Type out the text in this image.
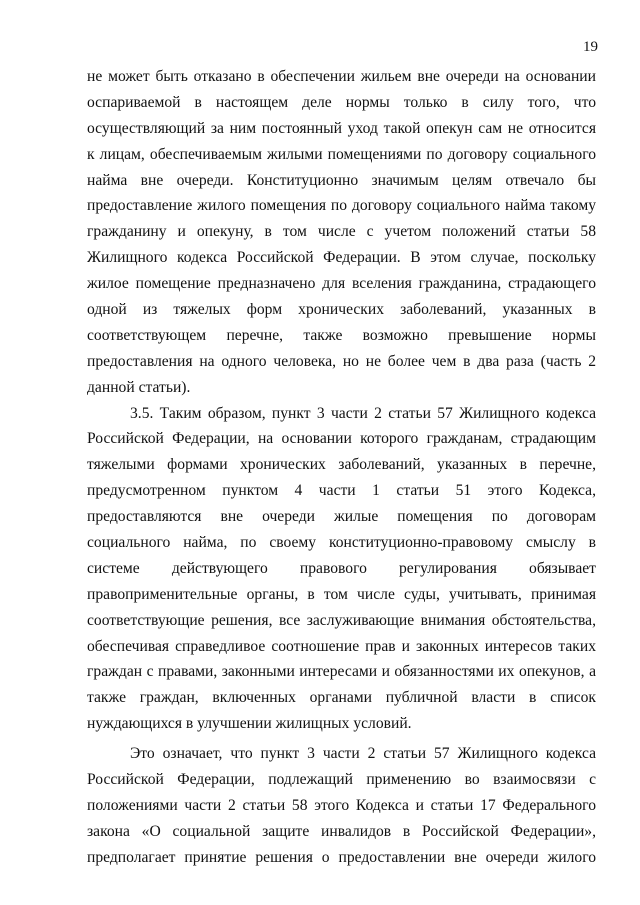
19
не может быть отказано в обеспечении жильем вне очереди на основании
оспариваемой в настоящем деле нормы только в силу того, что
осуществляющий за ним постоянный уход такой опекун сам не относится
к лицам, обеспечиваемым жилыми помещениями по договору социального
найма вне очереди. Конституционно значимым целям отвечало бы
предоставление жилого помещения по договору социального найма такому
гражданину и опекуну, в том числе с учетом положений статьи 58
Жилищного кодекса Российской Федерации. В этом случае, поскольку
жилое помещение предназначено для вселения гражданина, страдающего
одной из тяжелых форм хронических заболеваний, указанных в
соответствующем перечне, также возможно превышение нормы
предоставления на одного человека, но не более чем в два раза (часть 2
данной статьи).
3.5. Таким образом, пункт 3 части 2 статьи 57 Жилищного кодекса
Российской Федерации, на основании которого гражданам, страдающим
тяжелыми формами хронических заболеваний, указанных в перечне,
предусмотренном пунктом 4 части 1 статьи 51 этого Кодекса,
предоставляются вне очереди жилые помещения по договорам
социального найма, по своему конституционно-правовому смыслу в
системе действующего правового регулирования обязывает
правоприменительные органы, в том числе суды, учитывать, принимая
соответствующие решения, все заслуживающие внимания обстоятельства,
обеспечивая справедливое соотношение прав и законных интересов таких
граждан с правами, законными интересами и обязанностями их опекунов, а
также граждан, включенных органами публичной власти в список
нуждающихся в улучшении жилищных условий.
Это означает, что пункт 3 части 2 статьи 57 Жилищного кодекса
Российской Федерации, подлежащий применению во взаимосвязи с
положениями части 2 статьи 58 этого Кодекса и статьи 17 Федерального
закона «О социальной защите инвалидов в Российской Федерации»,
предполагает принятие решения о предоставлении вне очереди жилого
